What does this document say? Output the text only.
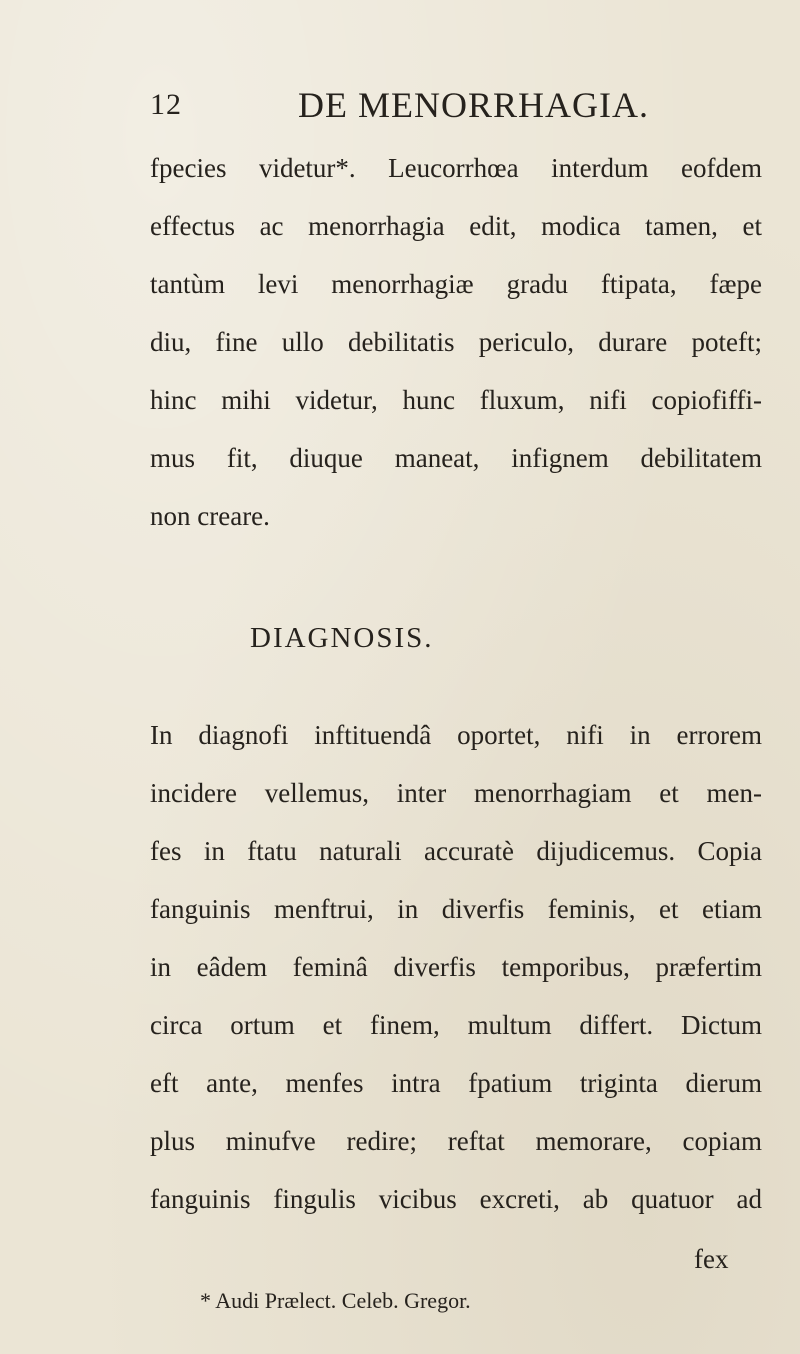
12	DE MENORRHAGIA.
fpecies videtur*. Leucorrhœa interdum eofdem
effectus ac menorrhagia edit, modica tamen, et
tantùm levi menorrhagiæ gradu ftipata, fæpe
diu, fine ullo debilitatis periculo, durare poteft;
hinc mihi videtur, hunc fluxum, nifi copiofiffi-
mus fit, diuque maneat, infignem debilitatem
non creare.
DIAGNOSIS.
In diagnofi inftituendâ oportet, nifi in errorem
incidere vellemus, inter menorrhagiam et men-
fes in ftatu naturali accuratè dijudicemus. Copia
fanguinis menftrui, in diverfis feminis, et etiam
in eâdem feminâ diverfis temporibus, præfertim
circa ortum et finem, multum differt. Dictum
eft ante, menfes intra fpatium triginta dierum
plus minufve redire; reftat memorare, copiam
fanguinis fingulis vicibus excreti, ab quatuor ad
fex
* Audi Prælect. Celeb. Gregor.
